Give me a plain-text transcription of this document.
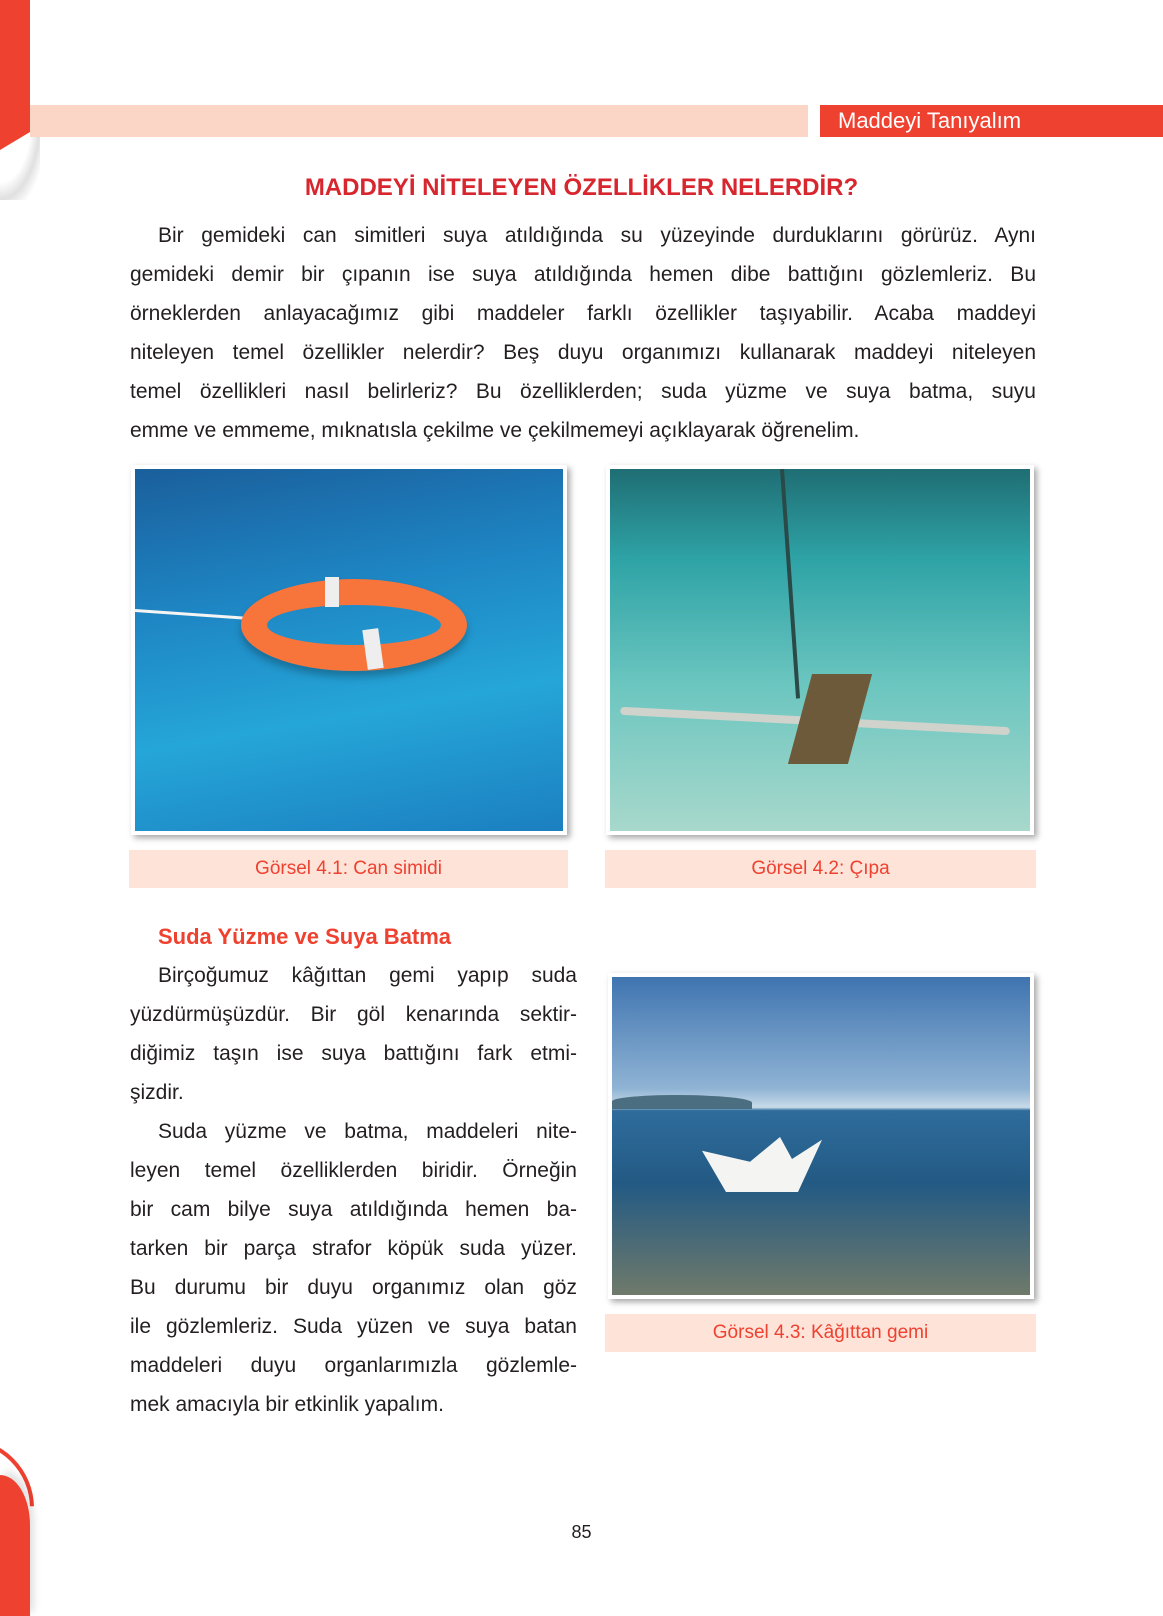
Maddeyi Tanıyalım
MADDEYİ NİTELEYEN ÖZELLİKLER NELERDİR?
Bir gemideki can simitleri suya atıldığında su yüzeyinde durduklarını görürüz. Aynı
gemideki demir bir çıpanın ise suya atıldığında hemen dibe battığını gözlemleriz. Bu
örneklerden anlayacağımız gibi maddeler farklı özellikler taşıyabilir. Acaba maddeyi
niteleyen temel özellikler nelerdir? Beş duyu organımızı kullanarak maddeyi niteleyen
temel özellikleri nasıl belirleriz? Bu özelliklerden; suda yüzme ve suya batma, suyu
emme ve emmeme, mıknatısla çekilme ve çekilmemeyi açıklayarak öğrenelim.
Görsel 4.1: Can simidi	Görsel 4.2: Çıpa
Suda Yüzme ve Suya Batma
Birçoğumuz kâğıttan gemi yapıp suda
yüzdürmüşüzdür. Bir göl kenarında sektir-
diğimiz taşın ise suya battığını fark etmi-
şizdir.
Suda yüzme ve batma, maddeleri nite-
leyen temel özelliklerden biridir. Örneğin
bir cam bilye suya atıldığında hemen ba-
tarken bir parça strafor köpük suda yüzer.
Bu durumu bir duyu organımız olan göz
ile gözlemleriz. Suda yüzen ve suya batan
maddeleri duyu organlarımızla gözlemle-
mek amacıyla bir etkinlik yapalım.
Görsel 4.3: Kâğıttan gemi
85
